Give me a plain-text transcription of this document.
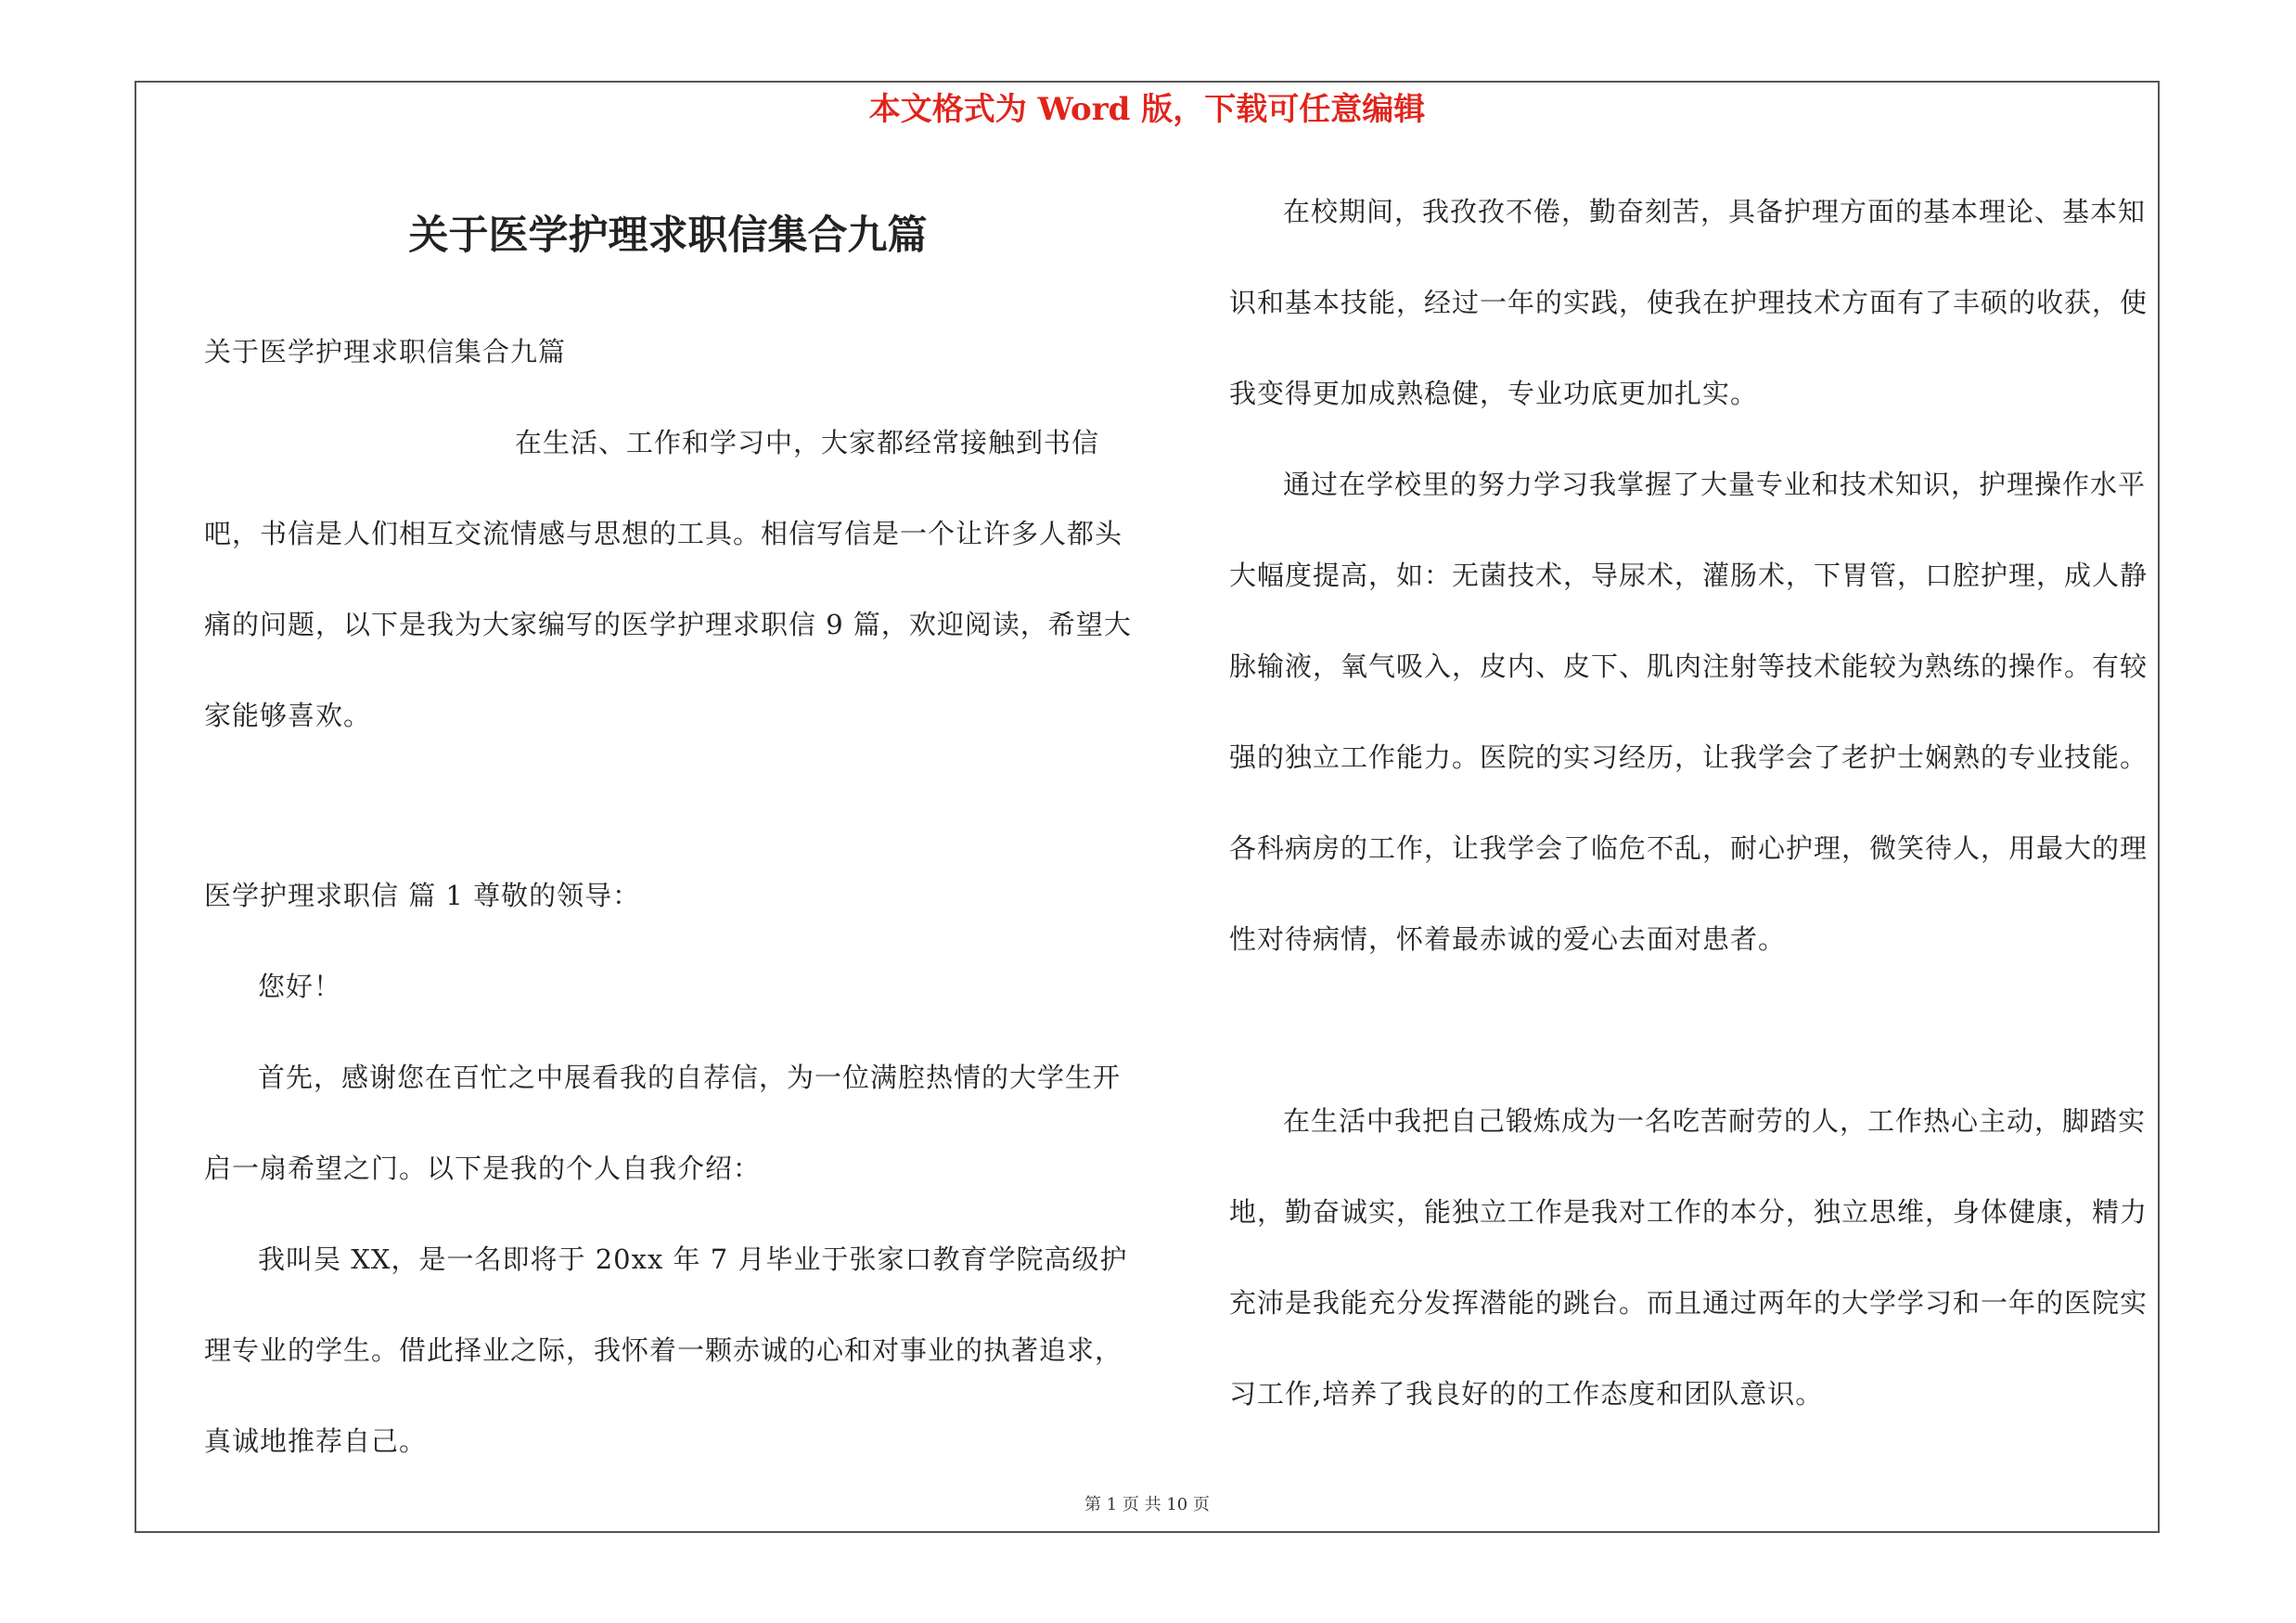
本文格式为 Word 版，下载可任意编辑
关于医学护理求职信集合九篇
关于医学护理求职信集合九篇
在生活、工作和学习中，大家都经常接触到书信吧，书信是人们相互交流情感与思想的工具。相信写信是一个让许多人都头痛的问题，以下是我为大家编写的医学护理求职信 9 篇，欢迎阅读，希望大家能够喜欢。
医学护理求职信 篇 1 尊敬的领导：
您好！
首先，感谢您在百忙之中展看我的自荐信，为一位满腔热情的大学生开启一扇希望之门。以下是我的个人自我介绍：
我叫吴 XX，是一名即将于 20xx 年 7 月毕业于张家口教育学院高级护理专业的学生。借此择业之际，我怀着一颗赤诚的心和对事业的执著追求，真诚地推荐自己。
在校期间，我孜孜不倦，勤奋刻苦，具备护理方面的基本理论、基本知识和基本技能，经过一年的实践，使我在护理技术方面有了丰硕的收获，使我变得更加成熟稳健，专业功底更加扎实。
通过在学校里的努力学习我掌握了大量专业和技术知识，护理操作水平大幅度提高，如：无菌技术，导尿术，灌肠术，下胃管，口腔护理，成人静脉输液，氧气吸入，皮内、皮下、肌肉注射等技术能较为熟练的操作。有较强的独立工作能力。医院的实习经历，让我学会了老护士娴熟的专业技能。各科病房的工作，让我学会了临危不乱，耐心护理，微笑待人，用最大的理性对待病情，怀着最赤诚的爱心去面对患者。
在生活中我把自己锻炼成为一名吃苦耐劳的人，工作热心主动，脚踏实地，勤奋诚实，能独立工作是我对工作的本分，独立思维，身体健康，精力充沛是我能充分发挥潜能的跳台。而且通过两年的大学学习和一年的医院实习工作,培养了我良好的的工作态度和团队意识。
第 1 页 共 10 页
